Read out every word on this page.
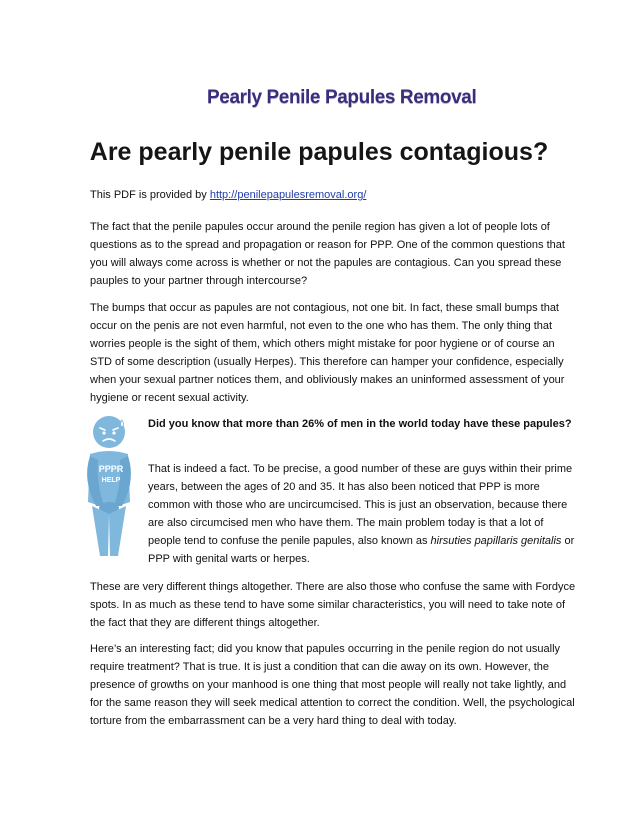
Pearly Penile Papules Removal
Are pearly penile papules contagious?

This PDF is provided by http://penilepapulesremoval.org/

The fact that the penile papules occur around the penile region has given a lot of people lots of questions as to the spread and propagation or reason for PPP. One of the common questions that you will always come across is whether or not the papules are contagious. Can you spread these pauples to your partner through intercourse?

The bumps that occur as papules are not contagious, not one bit. In fact, these small bumps that occur on the penis are not even harmful, not even to the one who has them. The only thing that worries people is the sight of them, which others might mistake for poor hygiene or of course an STD of some description (usually Herpes). This therefore can hamper your confidence, especially when your sexual partner notices them, and obliviously makes an uninformed assessment of your hygiene or recent sexual activity.

PPPR
HELP

Did you know that more than 26% of men in the world today have these papules?

That is indeed a fact. To be precise, a good number of these are guys within their prime years, between the ages of 20 and 35. It has also been noticed that PPP is more common with those who are uncircumcised. This is just an observation, because there are also circumcised men who have them. The main problem today is that a lot of people tend to confuse the penile papules, also known as hirsuties papillaris genitalis or PPP with genital warts or herpes.

These are very different things altogether. There are also those who confuse the same with Fordyce spots. In as much as these tend to have some similar characteristics, you will need to take note of the fact that they are different things altogether.

Here’s an interesting fact; did you know that papules occurring in the penile region do not usually require treatment? That is true. It is just a condition that can die away on its own. However, the presence of growths on your manhood is one thing that most people will really not take lightly, and for the same reason they will seek medical attention to correct the condition. Well, the psychological torture from the embarrassment can be a very hard thing to deal with today.
